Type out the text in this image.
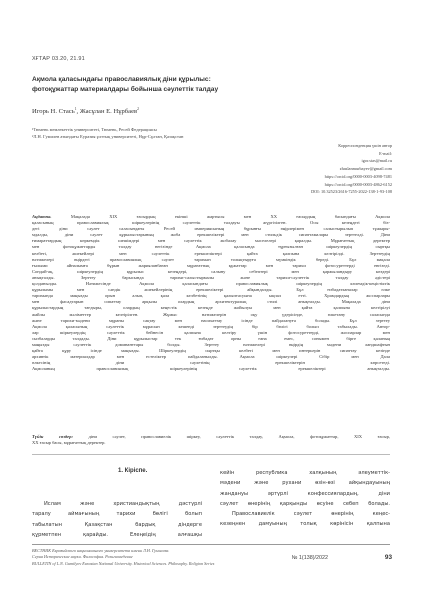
ХҒТАР 03.20, 21.91
Ақмола қаласындағы православиялық діни құрылыс:
фотоқұжаттар материалдары бойынша сәулеттік талдау
Игорь Н. Стась$^1$, Жасұлан Е. Нұрбаев$^2$
¹Тюмень мемлекеттік университеті, Тюмень, Ресей Федерациясы
²Л.Н. Гумилев атындағы Еуразия ұлттық университеті, Нұр-Сұлтан, Қазақстан
Корреспонденция үшін автор
E-mail:
igor.stas@mail.ru
zhaslanmurbayev@gmail.com
https://orcid.org/0000-0003-4098-7481
https://orcid.org/0000-0003-4862-6152
DOI: 10.32523/2616-7255-2022-138-1-93-108
Аңдатпа. Мақалада XIX ғасырдың екінші жартысы мен XX ғасырдың басындағы Ақмола
қаласының православиялық шіркеулерінің сәулеттік талдауы жүргізілген. Осы кезеңдегі біз-
дегі діни сәулет саласындағы Ресей империясының бұрынғы өңірлерімен салыстырылып тұжыры-
мдалды, діни сәулет құрылыстарының жоба ерекшеліктері мен стильдік сипаттамалары зерттелді. Діни
ғимараттардың көркемдік шешімдері мен сәулеттік жобалау мәселелері қаралды. Мұрағаттық деректер
мен фотоқұжаттарды талдау негізінде Ақмола қаласында тұрғызылған шіркеулердің сыртқы
келбеті, әшекейлері мен сәулеттік ерекшеліктері қайта қалпына келтірілді. Зерттеудің
нәтижелері өңірдегі православиялық сәулет тарихын толықтыруға мүмкіндік береді. Бұл мақала
ғылыми айналымға бұрын жарияланбаған мұрағаттық құжаттар мен тарихи фотосуреттерді енгізеді.
Сондай-ақ, шіркеулердің құрылыс кезеңдері, салыну себептері мен қаржыландыру көздері
анықталды. Зерттеу барысында тарихи-салыстырмалы және тарихи-сәулеттік талдау әдістері
қолданылды. Нәтижесінде Ақмола қаласындағы православиялық шіркеулердің көлемдік-кеңістіктік
құрылымы мен сәндік әшекейлерінің ерекшеліктері айқындалды. Бұл ғибадатханалар өлке
тарихында маңызды орын алып, қала келбетінің қалыптасуына ықпал етті. Храмдардың жоспарлары
мен фасадтарын сипаттау арқылы олардың архитектуралық стилі анықталды. Мақалада діни
құрылыстардың тағдыры, олардың кеңестік кезеңде жойылуы мен қайта қалпына келтірілуі
жайлы мәліметтер келтірілген. Жұмыс нәтижелерін оқу үдерісінде, өлкетану саласында
және тарихи-мәдени мұраны сақтау мен насихаттау ісінде пайдалануға болады. Бұл зерттеу
Ақмола қаласының сәулеттік мұрасын кешенді зерттеудің бір бөлігі болып табылады. Автор-
лар шіркеулердің сәулеттік бейнесін қалпына келтіру үшін фотосуреттерді, жоспарлар мен
сызбаларды талдады. Діни құрылыстар тек ғибадат орны ғана емес, сонымен бірге қаланың
маңызды сәулеттік доминанттары болды. Зерттеу нәтижелері өңірдің мәдени ландшафтын
қайта құру ісінде маңызды. Шіркеулердің сыртқы келбеті мен интерьерін сипаттау кезінде
архивтік материалдар мен естеліктер пайдаланылды. Ақмола шіркеулері Сібір мен Дала
өлкесінің діни сәулетінің ерекшеліктерін көрсетеді.
Ақмоланың православиялық шіркеулерінің сәулеттік ерекшеліктері анықталды.
Түйін сөздер: діни сәулет, православиелік шіркеу, сәулеттік талдау, Ақмола, фотоқұжаттар, XIX ғасыр,
XX ғасыр басы, мұрағаттық деректер.
1. Кіріспе.
Ислам және христиандықтың дәстүрлі
таралу аймағының тарихи бөлігі болып
табылатын Қазақстан бардық діндерге
құрметпен қарайды. Елеңеідің алғашқы
кейін республика халқының әлеуметтік-
мәдени және рухани өзін-өзі айқындауының
жандануы әртүрлі конфессиялардың, діни
сәулет өнерінің қарқынды өсуіне себеп болады.
Православиелік сәулет өнерінің кеңес-
кезеңнен дамуының толық көрінісін қалпына
ВЕСТНИК Евразийского национального университета имени Л.Н. Гумилева.
Серия Исторические науки. Философия. Религиоведение
BULLETIN of L.N. Gumilyov Eurasian National University. Historical Sciences. Philosophy. Religion Series
№ 1(138)/2022	93
